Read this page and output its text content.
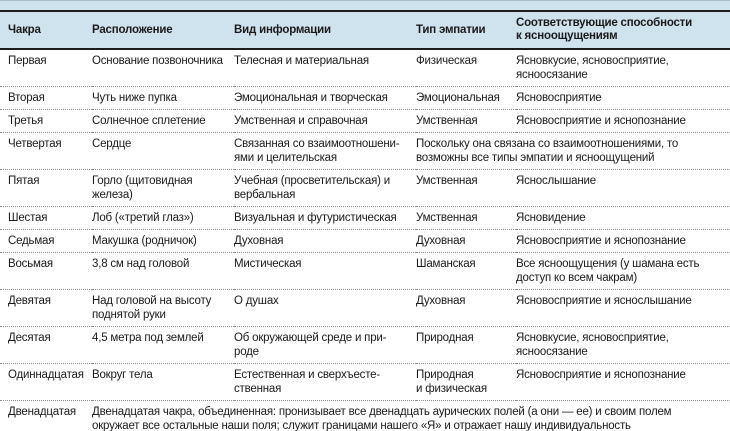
Чакра	Расположение	Вид информации	Тип эмпатии	Соответствующие способности к ясноощущениям
Первая	Основание позвоночника	Телесная и материальная	Физическая	Ясновкусие, ясновосприятие, ясноосязание
Вторая	Чуть ниже пупка	Эмоциональная и творческая	Эмоциональная	Ясновосприятие
Третья	Солнечное сплетение	Умственная и справочная	Умственная	Ясновосприятие и яснопознание
Четвертая	Сердце	Связанная со взаимоотношениями и целительская	Поскольку она связана со взаимоотношениями, то возможны все типы эмпатии и ясноощущений	
Пятая	Горло (щитовидная железа)	Учебная (просветительская) и вербальная	Умственная	Яснослышание
Шестая	Лоб («третий глаз»)	Визуальная и футуристическая	Умственная	Ясновидение
Седьмая	Макушка (родничок)	Духовная	Духовная	Ясновосприятие и яснопознание
Восьмая	3,8 см над головой	Мистическая	Шаманская	Все ясноощущения (у шамана есть доступ ко всем чакрам)
Девятая	Над головой на высоту поднятой руки	О душах	Духовная	Ясновосприятие и яснослышание
Десятая	4,5 метра под землей	Об окружающей среде и природе	Природная	Ясновкусие, ясновосприятие, ясноосязание
Одиннадцатая	Вокруг тела	Естественная и сверхъестественная	Природная и физическая	Ясновосприятие и яснопознание
Двенадцатая	Двенадцатая чакра, объединенная: пронизывает все двенадцать аурических полей (а они — ее) и своим полем окружает все остальные наши поля; служит границами нашего «Я» и отражает нашу индивидуальность			
